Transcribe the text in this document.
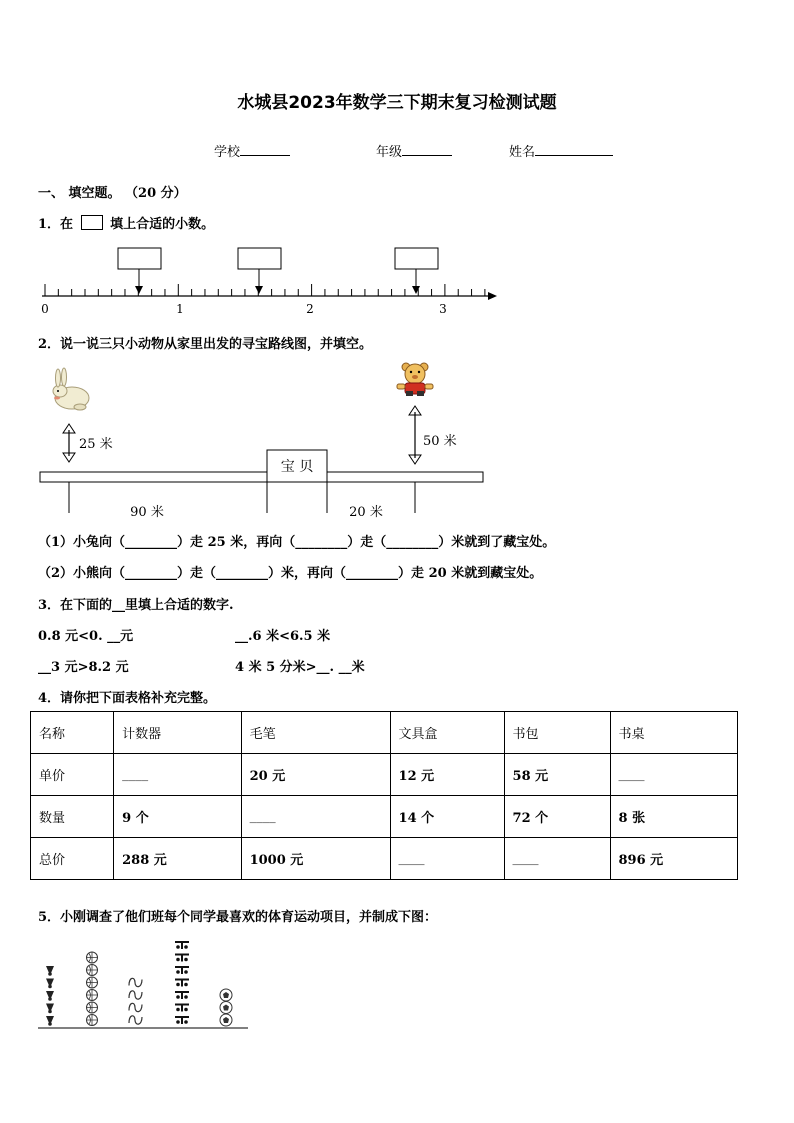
水城县2023年数学三下期末复习检测试题
学校	年级	姓名
一、 填空题。 （20 分）
1．在	填上合适的小数。
0	1	2	3
2．说一说三只小动物从家里出发的寻宝路线图，并填空。
25 米	50 米
宝 贝
90 米	20 米
（1）小兔向（________）走 25 米，再向（________）走（________）米就到了藏宝处。
（2）小熊向（________）走（________）米，再向（________）走 20 米就到藏宝处。
3．在下面的__里填上合适的数字.
0.8 元<0. __元	__.6 米<6.5 米
__3 元>8.2 元	4 米 5 分米>__. __米
4．请你把下面表格补充完整。
名称	计数器	毛笔	文具盒	书包	书桌
单价	____	20 元	12 元	58 元	____
数量	9 个	____	14 个	72 个	8 张
总价	288 元	1000 元	____	____	896 元
5．小刚调查了他们班每个同学最喜欢的体育运动项目，并制成下图：
